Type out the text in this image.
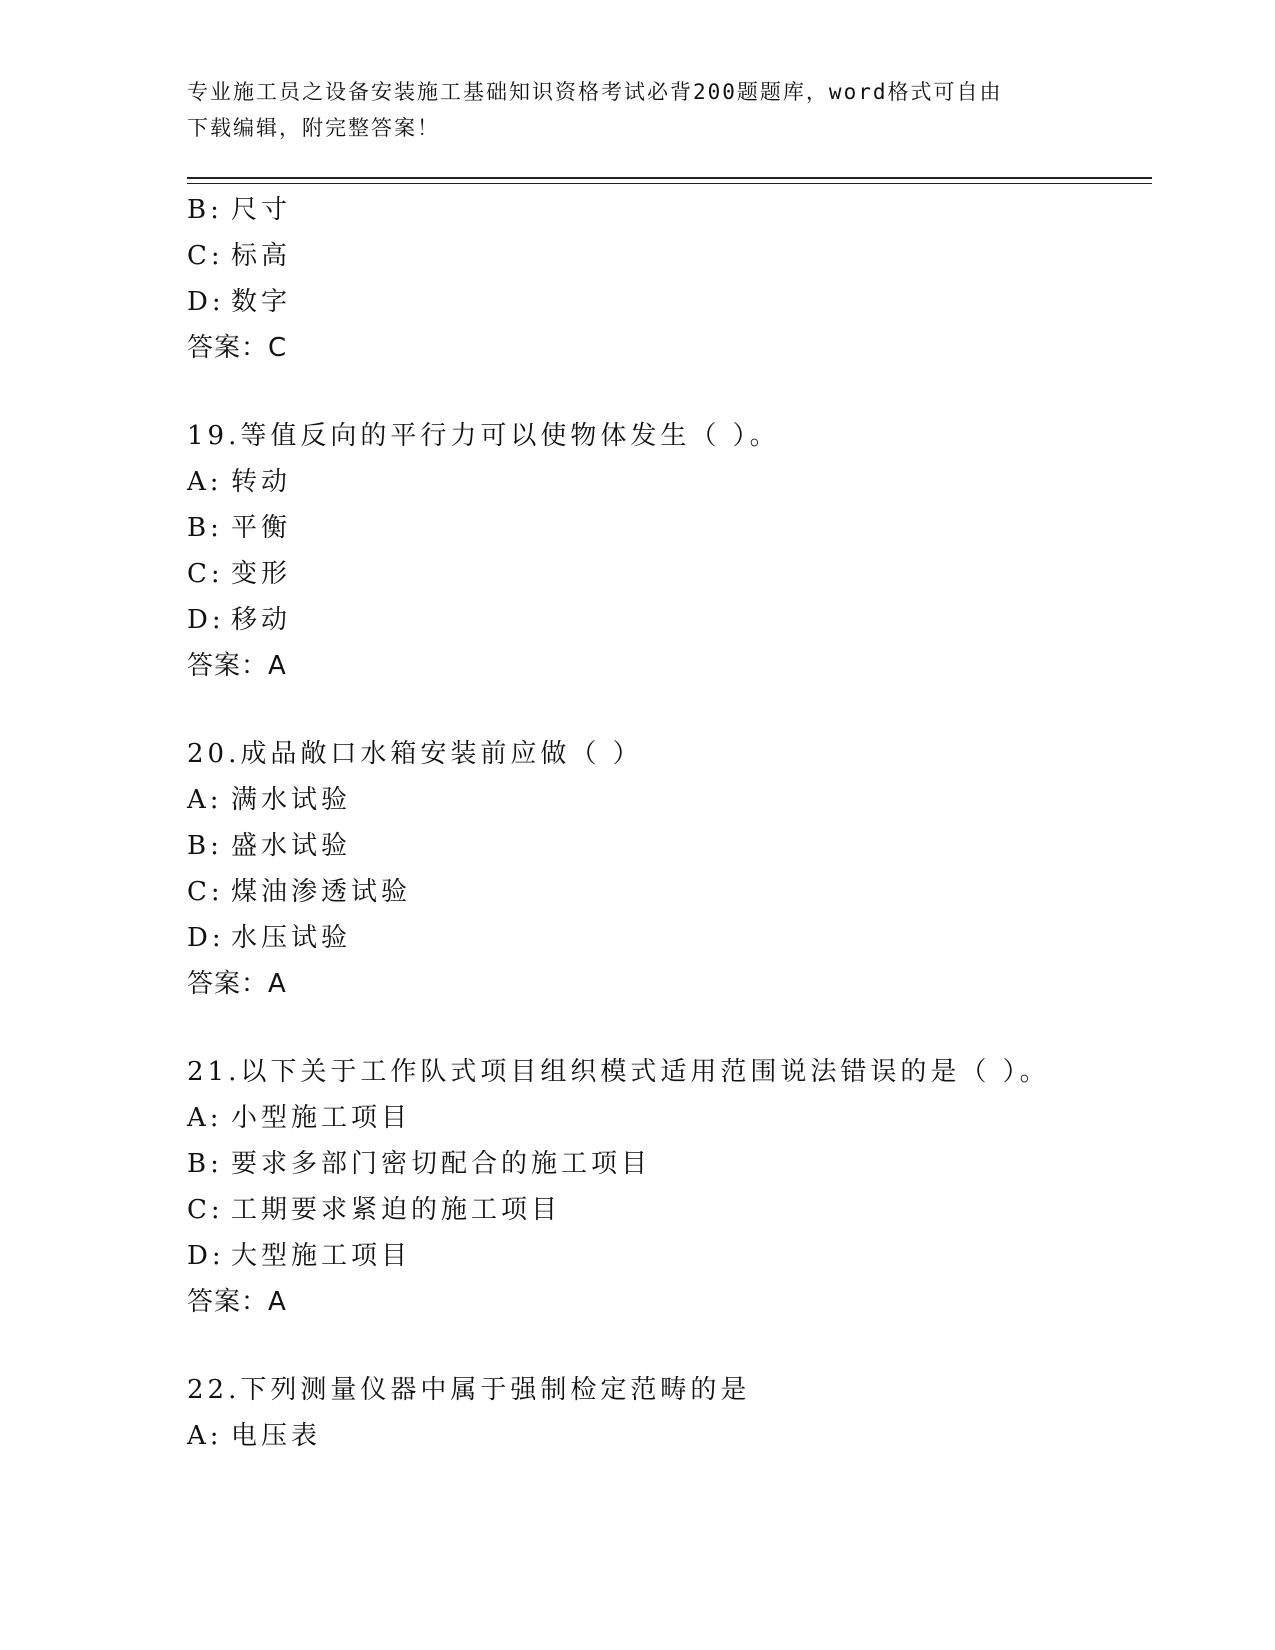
专业施工员之设备安装施工基础知识资格考试必背200题题库，word格式可自由
下载编辑，附完整答案！
B: 尺寸
C: 标高
D: 数字
答案：C
19.等值反向的平行力可以使物体发生（ ）。
A: 转动
B: 平衡
C: 变形
D: 移动
答案：A
20.成品敞口水箱安装前应做（ ）
A: 满水试验
B: 盛水试验
C: 煤油渗透试验
D: 水压试验
答案：A
21.以下关于工作队式项目组织模式适用范围说法错误的是（ ）。
A: 小型施工项目
B: 要求多部门密切配合的施工项目
C: 工期要求紧迫的施工项目
D: 大型施工项目
答案：A
22.下列测量仪器中属于强制检定范畴的是
A: 电压表
